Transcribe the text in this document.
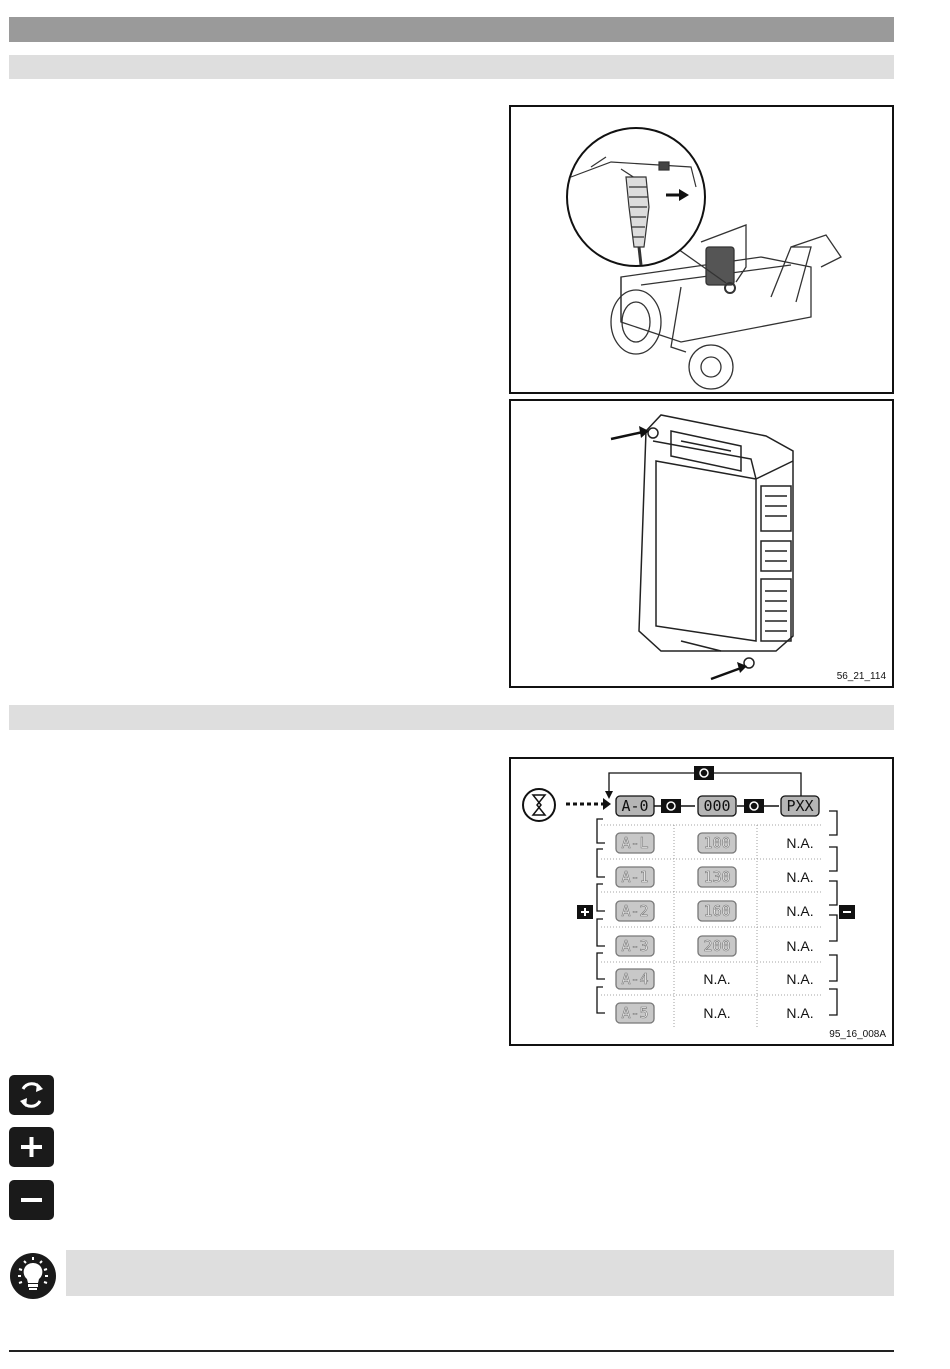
56_21_114
A-0	000	PXX
A-L	100	N.A.
A-1	130	N.A.
A-2	160	N.A.
A-3	200	N.A.
A-4	N.A.	N.A.
A-5	N.A.	N.A.
95_16_008A
